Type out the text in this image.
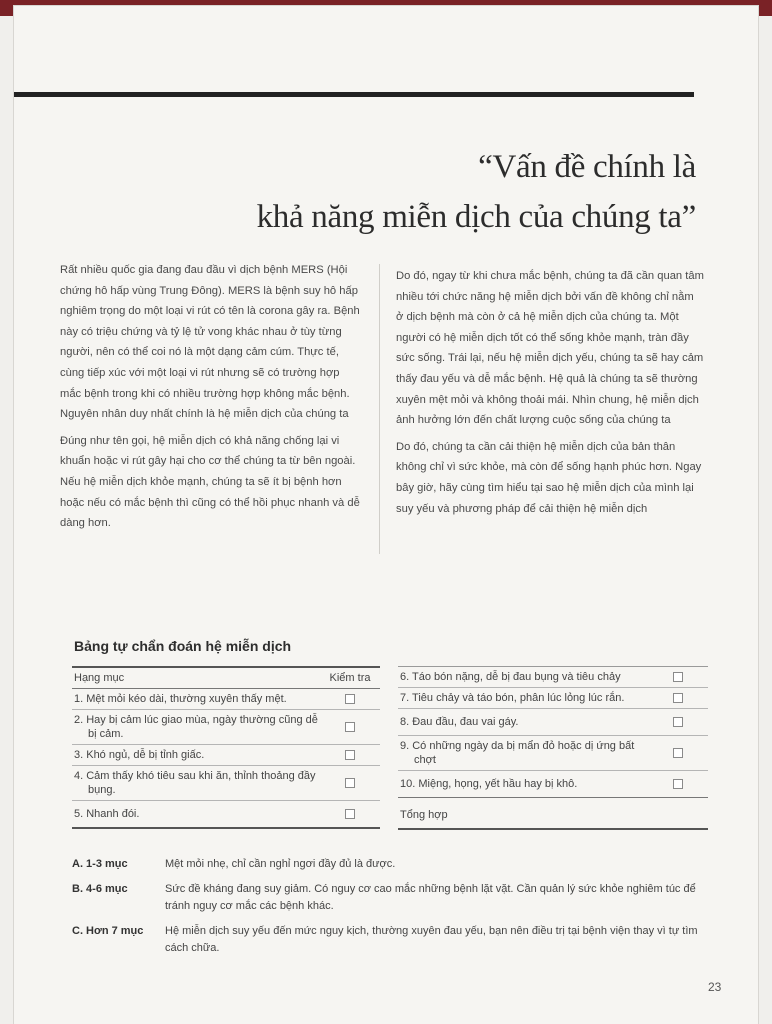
“Vấn đề chính là
khả năng miễn dịch của chúng ta”

Rất nhiều quốc gia đang đau đầu vì dịch bệnh MERS (Hội chứng hô hấp vùng Trung Đông). MERS là bệnh suy hô hấp nghiêm trọng do một loại vi rút có tên là corona gây ra. Bệnh này có triệu chứng và tỷ lệ tử vong khác nhau ở tùy từng người, nên có thể coi nó là một dạng cảm cúm. Thực tế, cùng tiếp xúc với một loại vi rút nhưng sẽ có trường hợp mắc bệnh trong khi có nhiều trường hợp không mắc bệnh. Nguyên nhân duy nhất chính là hệ miễn dịch của chúng ta

Đúng như tên gọi, hệ miễn dịch có khả năng chống lại vi khuẩn hoặc vi rút gây hại cho cơ thể chúng ta từ bên ngoài. Nếu hệ miễn dịch khỏe mạnh, chúng ta sẽ ít bị bệnh hơn hoặc nếu có mắc bệnh thì cũng có thể hồi phục nhanh và dễ dàng hơn.

Do đó, ngay từ khi chưa mắc bệnh, chúng ta đã cần quan tâm nhiều tới chức năng hệ miễn dịch bởi vấn đề không chỉ nằm ở dịch bệnh mà còn ở cả hệ miễn dịch của chúng ta. Một người có hệ miễn dịch tốt có thể sống khỏe mạnh, tràn đầy sức sống. Trái lại, nếu hệ miễn dịch yếu, chúng ta sẽ hay cảm thấy đau yếu và dễ mắc bệnh. Hệ quả là chúng ta sẽ thường xuyên mệt mỏi và không thoải mái. Nhìn chung, hệ miễn dịch ảnh hưởng lớn đến chất lượng cuộc sống của chúng ta

Do đó, chúng ta cần cải thiện hệ miễn dịch của bản thân không chỉ vì sức khỏe, mà còn để sống hạnh phúc hơn. Ngay bây giờ, hãy cùng tìm hiểu tại sao hệ miễn dịch của mình lại suy yếu và phương pháp để cải thiện hệ miễn dịch

Bảng tự chẩn đoán hệ miễn dịch
Hạng mục	Kiểm tra
1. Mệt mỏi kéo dài, thường xuyên thấy mệt.
2. Hay bị cảm lúc giao mùa, ngày thường cũng dễ bị cảm.
3. Khó ngủ, dễ bị tỉnh giấc.
4. Cảm thấy khó tiêu sau khi ăn, thỉnh thoảng đầy bụng.
5. Nhanh đói.
6. Táo bón nặng, dễ bị đau bụng và tiêu chảy
7. Tiêu chảy và táo bón, phân lúc lỏng lúc rắn.
8. Đau đầu, đau vai gáy.
9. Có những ngày da bị mẩn đỏ hoặc dị ứng bất chợt
10. Miệng, họng, yết hầu hay bị khô.
Tổng hợp
A. 1-3 mục	Mệt mỏi nhẹ, chỉ cần nghỉ ngơi đầy đủ là được.
B. 4-6 mục	Sức đề kháng đang suy giảm. Có nguy cơ cao mắc những bệnh lặt vặt. Cần quản lý sức khỏe nghiêm túc để tránh nguy cơ mắc các bệnh khác.
C. Hơn 7 mục	Hệ miễn dịch suy yếu đến mức nguy kịch, thường xuyên đau yếu, bạn nên điều trị tại bệnh viện thay vì tự tìm cách chữa.
23
